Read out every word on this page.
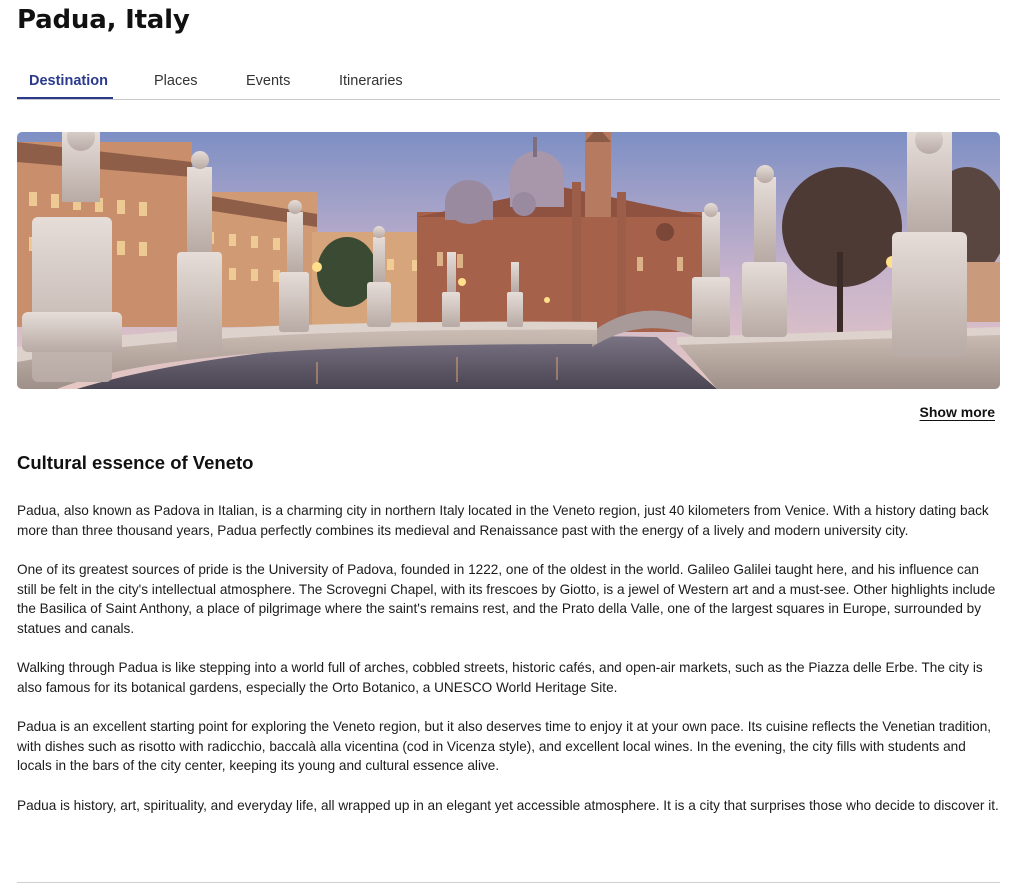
Padua, Italy
Destination	Places	Events	Itineraries
Show more
Cultural essence of Veneto

Padua, also known as Padova in Italian, is a charming city in northern Italy located in the Veneto region, just 40 kilometers from Venice. With a history dating back more than three thousand years, Padua perfectly combines its medieval and Renaissance past with the energy of a lively and modern university city.

One of its greatest sources of pride is the University of Padova, founded in 1222, one of the oldest in the world. Galileo Galilei taught here, and his influence can still be felt in the city's intellectual atmosphere. The Scrovegni Chapel, with its frescoes by Giotto, is a jewel of Western art and a must-see. Other highlights include the Basilica of Saint Anthony, a place of pilgrimage where the saint's remains rest, and the Prato della Valle, one of the largest squares in Europe, surrounded by statues and canals.

Walking through Padua is like stepping into a world full of arches, cobbled streets, historic cafés, and open-air markets, such as the Piazza delle Erbe. The city is also famous for its botanical gardens, especially the Orto Botanico, a UNESCO World Heritage Site.

Padua is an excellent starting point for exploring the Veneto region, but it also deserves time to enjoy it at your own pace. Its cuisine reflects the Venetian tradition, with dishes such as risotto with radicchio, baccalà alla vicentina (cod in Vicenza style), and excellent local wines. In the evening, the city fills with students and locals in the bars of the city center, keeping its young and cultural essence alive.

Padua is history, art, spirituality, and everyday life, all wrapped up in an elegant yet accessible atmosphere. It is a city that surprises those who decide to discover it.
